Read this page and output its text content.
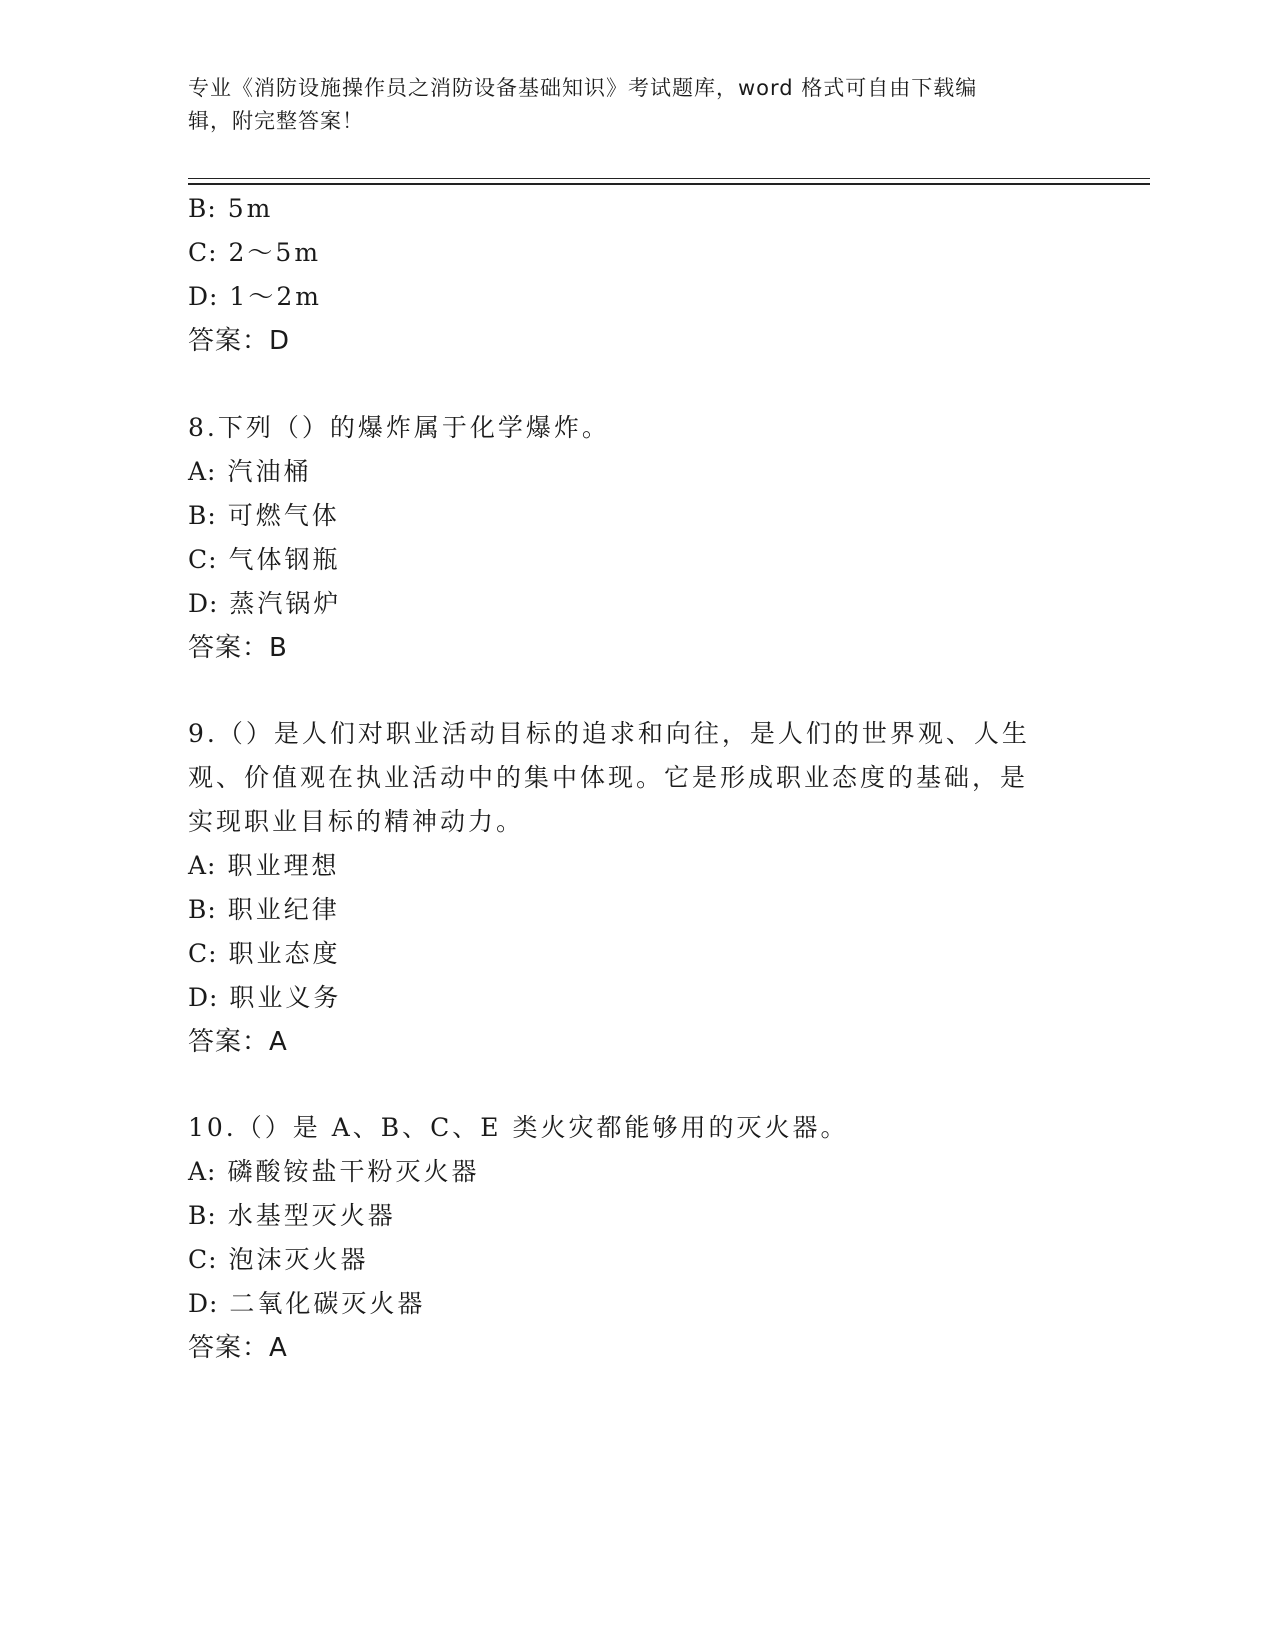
专业《消防设施操作员之消防设备基础知识》考试题库，word 格式可自由下载编
辑，附完整答案！
B: 5m
C: 2～5m
D: 1～2m
答案：D
8.下列（）的爆炸属于化学爆炸。
A: 汽油桶
B: 可燃气体
C: 气体钢瓶
D: 蒸汽锅炉
答案：B
9.（）是人们对职业活动目标的追求和向往，是人们的世界观、人生
观、价值观在执业活动中的集中体现。它是形成职业态度的基础，是
实现职业目标的精神动力。
A: 职业理想
B: 职业纪律
C: 职业态度
D: 职业义务
答案：A
10.（）是 A、B、C、E 类火灾都能够用的灭火器。
A: 磷酸铵盐干粉灭火器
B: 水基型灭火器
C: 泡沫灭火器
D: 二氧化碳灭火器
答案：A
